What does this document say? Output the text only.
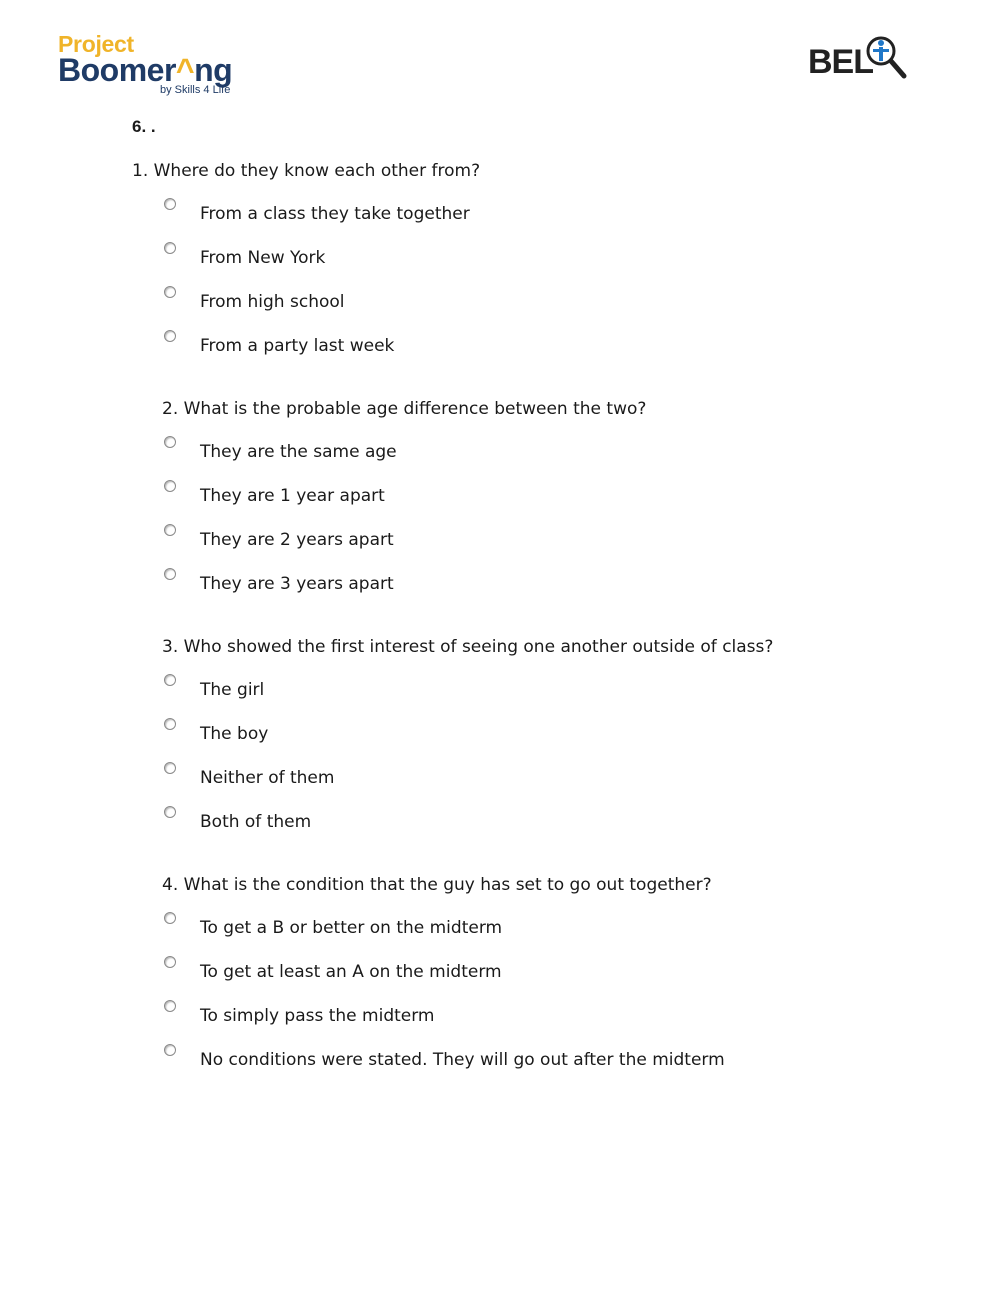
Project
Boomer^ng
by Skills 4 Life
BEL
6. .
1. Where do they know each other from?
From a class they take together
From New York
From high school
From a party last week
2. What is the probable age difference between the two?
They are the same age
They are 1 year apart
They are 2 years apart
They are 3 years apart
3. Who showed the first interest of seeing one another outside of class?
The girl
The boy
Neither of them
Both of them
4. What is the condition that the guy has set to go out together?
To get a B or better on the midterm
To get at least an A on the midterm
To simply pass the midterm
No conditions were stated. They will go out after the midterm
